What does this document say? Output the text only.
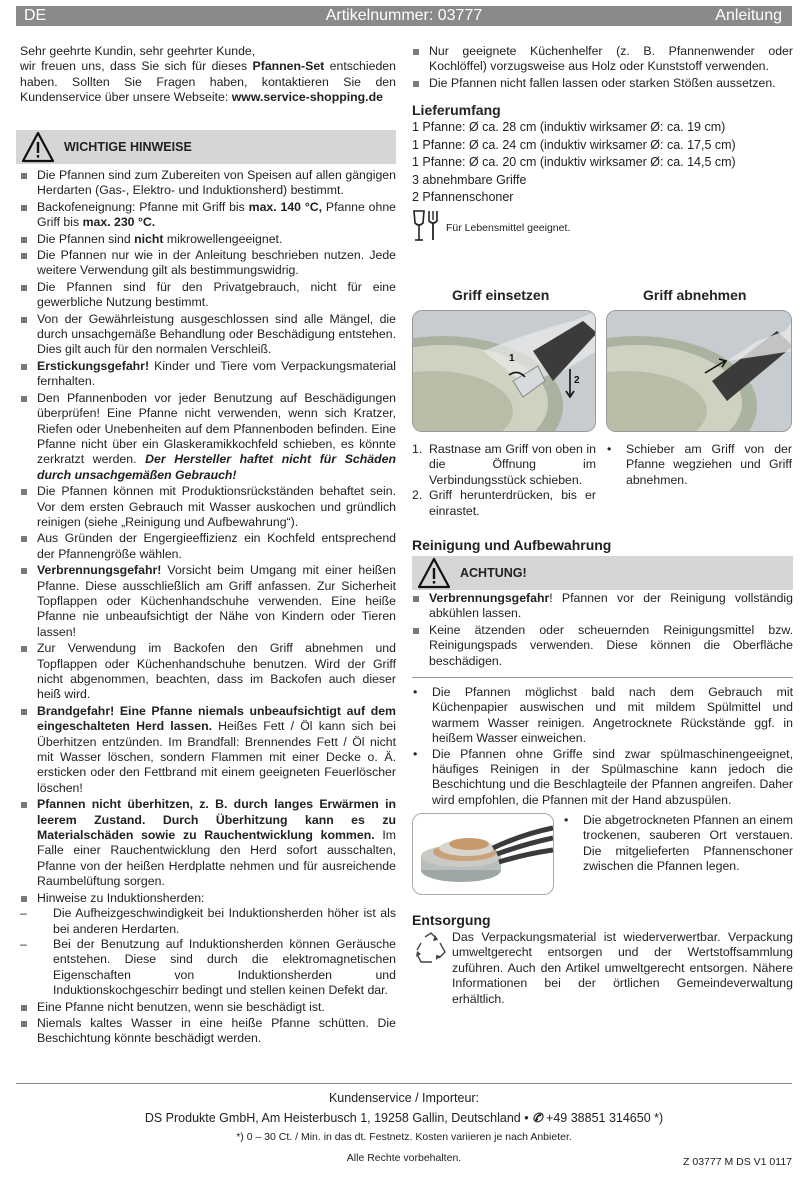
DE	Artikelnummer: 03777	Anleitung

Sehr geehrte Kundin, sehr geehrter Kunde,

wir freuen uns, dass Sie sich für dieses Pfannen-Set entschieden haben. Sollten Sie Fragen haben, kontaktieren Sie den Kundenservice über unsere Webseite: www.service-shopping.de

WICHTIGE HINWEISE
Die Pfannen sind zum Zubereiten von Speisen auf allen gängigen Herdarten (Gas-, Elektro- und Induktionsherd) bestimmt.
Backofeneignung: Pfanne mit Griff bis max. 140 °C, Pfanne ohne Griff bis max. 230 °C.
Die Pfannen sind nicht mikrowellengeeignet.
Die Pfannen nur wie in der Anleitung beschrieben nutzen. Jede weitere Verwendung gilt als bestimmungswidrig.
Die Pfannen sind für den Privatgebrauch, nicht für eine gewerbliche Nutzung bestimmt.
Von der Gewährleistung ausgeschlossen sind alle Mängel, die durch unsachgemäße Behandlung oder Beschädigung entstehen. Dies gilt auch für den normalen Verschleiß.
Erstickungsgefahr! Kinder und Tiere vom Verpackungsmaterial fernhalten.
Den Pfannenboden vor jeder Benutzung auf Beschädigungen überprüfen! Eine Pfanne nicht verwenden, wenn sich Kratzer, Riefen oder Unebenheiten auf dem Pfannenboden befinden. Eine Pfanne nicht über ein Glaskeramikkochfeld schieben, es könnte zerkratzt werden. Der Hersteller haftet nicht für Schäden durch unsachgemäßen Gebrauch!
Die Pfannen können mit Produktionsrückständen behaftet sein. Vor dem ersten Gebrauch mit Wasser auskochen und gründlich reinigen (siehe „Reinigung und Aufbewahrung“).
Aus Gründen der Engergieeffizienz ein Kochfeld entsprechend der Pfannengröße wählen.
Verbrennungsgefahr! Vorsicht beim Umgang mit einer heißen Pfanne. Diese ausschließlich am Griff anfassen. Zur Sicherheit Topflappen oder Küchenhandschuhe verwenden. Eine heiße Pfanne nie unbeaufsichtigt der Nähe von Kindern oder Tieren lassen!
Zur Verwendung im Backofen den Griff abnehmen und Topflappen oder Küchenhandschuhe benutzen. Wird der Griff nicht abgenommen, beachten, dass im Backofen auch dieser heiß wird.
Brandgefahr! Eine Pfanne niemals unbeaufsichtigt auf dem eingeschalteten Herd lassen. Heißes Fett / Öl kann sich bei Überhitzen entzünden. Im Brandfall: Brennendes Fett / Öl nicht mit Wasser löschen, sondern Flammen mit einer Decke o. Ä. ersticken oder den Fettbrand mit einem geeigneten Feuerlöscher löschen!
Pfannen nicht überhitzen, z. B. durch langes Erwärmen in leerem Zustand. Durch Überhitzung kann es zu Materialschäden sowie zu Rauchentwicklung kommen. Im Falle einer Rauchentwicklung den Herd sofort ausschalten, Pfanne von der heißen Herdplatte nehmen und für ausreichende Raumbelüftung sorgen.
Hinweise zu Induktionsherden:
– Die Aufheizgeschwindigkeit bei Induktionsherden höher ist als bei anderen Herdarten.
– Bei der Benutzung auf Induktionsherden können Geräusche entstehen. Diese sind durch die elektromagnetischen Eigenschaften von Induktionsherden und Induktionskochgeschirr bedingt und stellen keinen Defekt dar.
Eine Pfanne nicht benutzen, wenn sie beschädigt ist.
Niemals kaltes Wasser in eine heiße Pfanne schütten. Die Beschichtung könnte beschädigt werden.
Nur geeignete Küchenhelfer (z. B. Pfannenwender oder Kochlöffel) vorzugsweise aus Holz oder Kunststoff verwenden.
Die Pfannen nicht fallen lassen oder starken Stößen aussetzen.
Lieferumfang
1 Pfanne: Ø ca. 28 cm (induktiv wirksamer Ø: ca. 19 cm)
1 Pfanne: Ø ca. 24 cm (induktiv wirksamer Ø: ca. 17,5 cm)
1 Pfanne: Ø ca. 20 cm (induktiv wirksamer Ø: ca. 14,5 cm)
3 abnehmbare Griffe
2 Pfannenschoner
Für Lebensmittel geeignet.
Griff einsetzen	Griff abnehmen
1
2
1. Rastnase am Griff von oben in die Öffnung im Verbindungsstück schieben.
2. Griff herunterdrücken, bis er einrastet.
• Schieber am Griff von der Pfanne wegziehen und Griff abnehmen.
Reinigung und Aufbewahrung
ACHTUNG!
Verbrennungsgefahr! Pfannen vor der Reinigung vollständig abkühlen lassen.
Keine ätzenden oder scheuernden Reinigungsmittel bzw. Reinigungspads verwenden. Diese können die Oberfläche beschädigen.
• Die Pfannen möglichst bald nach dem Gebrauch mit Küchenpapier auswischen und mit mildem Spülmittel und warmem Wasser reinigen. Angetrocknete Rückstände ggf. in heißem Wasser einweichen.
• Die Pfannen ohne Griffe sind zwar spülmaschinengeeignet, häufiges Reinigen in der Spülmaschine kann jedoch die Beschichtung und die Beschlagteile der Pfannen angreifen. Daher wird empfohlen, die Pfannen mit der Hand abzuspülen.
• Die abgetrockneten Pfannen an einem trockenen, sauberen Ort verstauen. Die mitgelieferten Pfannenschoner zwischen die Pfannen legen.
Entsorgung
Das Verpackungsmaterial ist wiederverwertbar. Verpackung umweltgerecht entsorgen und der Wertstoffsammlung zuführen. Auch den Artikel umweltgerecht entsorgen. Nähere Informationen bei der örtlichen Gemeindeverwaltung erhältlich.
Kundenservice / Importeur:
DS Produkte GmbH, Am Heisterbusch 1, 19258 Gallin, Deutschland • ✆ +49 38851 314650 *)
*) 0 – 30 Ct. / Min. in das dt. Festnetz. Kosten variieren je nach Anbieter.
Alle Rechte vorbehalten.	Z 03777 M DS V1 0117
